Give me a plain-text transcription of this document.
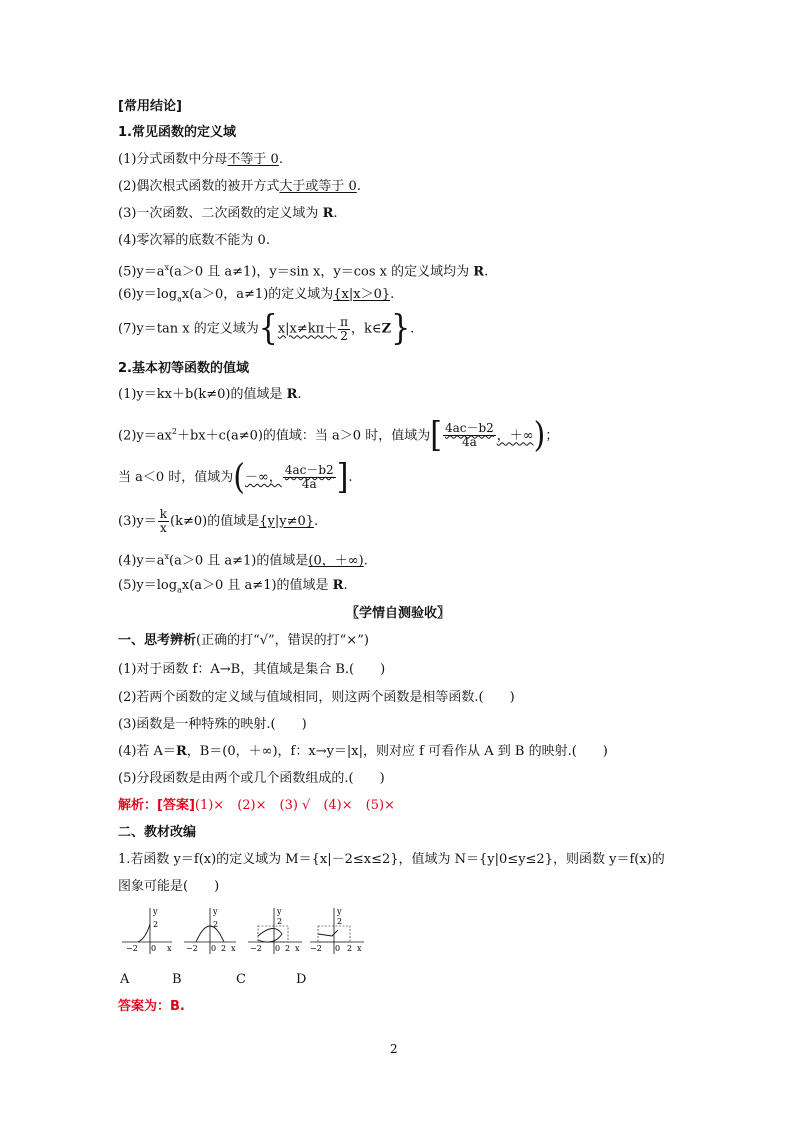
[常用结论]
1.常见函数的定义域
(1)分式函数中分母不等于 0.
(2)偶次根式函数的被开方式大于或等于 0.
(3)一次函数、二次函数的定义域为 R.
(4)零次幂的底数不能为 0.
$(5)y=a^x(a>0$ 且 a≠1)，y＝sin x，y＝cos x 的定义域均为 R.
$(6)y=\log_ax(a>0$，a≠1)的定义域为{x|x＞0}.
(7)y＝tan x 的定义域为{$x|x\ne k\pi+ \frac{\pi}{2}$ ，k∈Z}.
2.基本初等函数的值域
(1)y＝kx＋b(k≠0)的值域是 R.
$(2)y=ax^2+bx+c(a\ne 0)$的值域：当 a＞0 时，值域为[ $\frac{4ac-b2}{4a}$ ，＋∞)；
当 a＜0 时，值域为(－∞， $\frac{4ac-b2}{4a}$ ].
$(3)y= \frac{k}{x} (k\ne 0)$的值域是{y|y≠0}.
$(4)y=a^x(a>0$ 且 a≠1)的值域是(0，＋∞).
$(5)y=\log_ax(a>0$ 且 a≠1)的值域是 R.
〖学情自测验收〗
一、思考辨析(正确的打“√”，错误的打“×”)
(1)对于函数 f：A→B，其值域是集合 B.(　　)
(2)若两个函数的定义域与值域相同，则这两个函数是相等函数.(　　)
(3)函数是一种特殊的映射.(　　)
(4)若 A＝R，B＝(0，＋∞)，f：x→y＝|x|，则对应 f 可看作从 A 到 B 的映射.(　　)
(5)分段函数是由两个或几个函数组成的.(　　)
解析：[答案](1)×　(2)×　(3) √　(4)×　(5)×
二、教材改编
1.若函数 y＝f(x)的定义域为 M＝{x|－2≤x≤2}，值域为 N＝{y|0≤y≤2}，则函数 y＝f(x)的
图象可能是(　　)
y
2
−2 0 x
y
2
−2 0 2 x
y
2
−2 0 2 x
y
2
−2 0 2 x
A	B	C	D
答案为：B.
2
